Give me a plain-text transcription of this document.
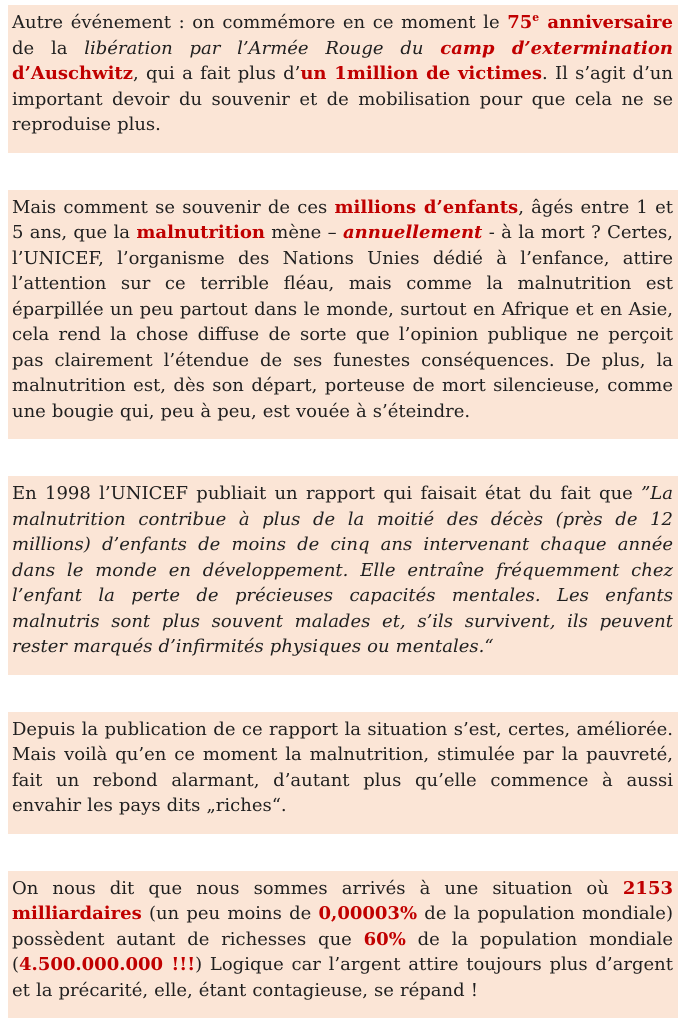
Autre événement : on commémore en ce moment le 75e anniversaire de la libération par l’Armée Rouge du camp d’extermination d’Auschwitz, qui a fait plus d’un 1million de victimes. Il s’agit d’un important devoir du souvenir et de mobilisation pour que cela ne se reproduise plus.
Mais comment se souvenir de ces millions d’enfants, âgés entre 1 et 5 ans, que la malnutrition mène – annuellement - à la mort ? Certes, l’UNICEF, l’organisme des Nations Unies dédié à l’enfance, attire l’attention sur ce terrible fléau, mais comme la malnutrition est éparpillée un peu partout dans le monde, surtout en Afrique et en Asie, cela rend la chose diffuse de sorte que l’opinion publique ne perçoit pas clairement l’étendue de ses funestes conséquences. De plus, la malnutrition est, dès son départ, porteuse de mort silencieuse, comme une bougie qui, peu à peu, est vouée à s’éteindre.
En 1998 l’UNICEF publiait un rapport qui faisait état du fait que ”La malnutrition contribue à plus de la moitié des décès (près de 12 millions) d’enfants de moins de cinq ans intervenant chaque année dans le monde en développement. Elle entraîne fréquemment chez l’enfant la perte de précieuses capacités mentales. Les enfants malnutris sont plus souvent malades et, s’ils survivent, ils peuvent rester marqués d’infirmités physiques ou mentales.“
Depuis la publication de ce rapport la situation s’est, certes, améliorée. Mais voilà qu’en ce moment la malnutrition, stimulée par la pauvreté, fait un rebond alarmant, d’autant plus qu’elle commence à aussi envahir les pays dits „riches“.
On nous dit que nous sommes arrivés à une situation où 2153 milliardaires (un peu moins de 0,00003% de la population mondiale) possèdent autant de richesses que 60% de la population mondiale (4.500.000.000 !!!) Logique car l’argent attire toujours plus d’argent et la précarité, elle, étant contagieuse, se répand !
